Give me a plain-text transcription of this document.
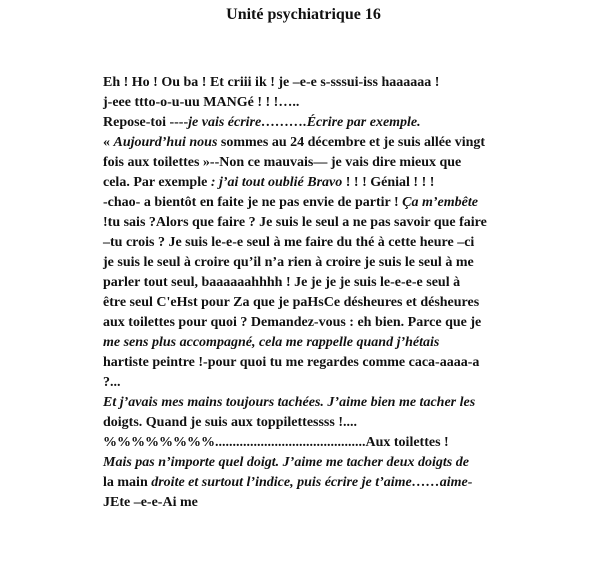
Unité psychiatrique 16
Eh ! Ho ! Ou ba ! Et criii ik ! je –e-e s-sssui-iss haaaaaa !
j-eee ttto-o-u-uu MANGé ! ! !…..
Repose-toi ----je vais écrire……….Écrire par exemple.
« Aujourd’hui nous sommes au 24 décembre et je suis allée vingt
fois aux toilettes »--Non ce mauvais— je vais dire mieux que
cela. Par exemple : j’ai tout oublié Bravo ! ! ! Génial ! ! !
-chao- a bientôt en faite je ne pas envie de partir ! Ça m’embête
!tu sais ?Alors que faire ? Je suis le seul a ne pas savoir que faire
–tu crois ? Je suis le-e-e seul à me faire du thé à cette heure –ci
je suis le seul à croire qu’il n’a rien à croire je suis le seul à me
parler tout seul, baaaaaahhhh ! Je je je je suis le-e-e-e seul à
être seul C'eHst pour Za que je paHsCe désheures et désheures
aux toilettes pour quoi ? Demandez-vous : eh bien. Parce que je
me sens plus accompagné, cela me rappelle quand j’hétais
hartiste peintre !-pour quoi tu me regardes comme caca-aaaa-a
?...
Et j’avais mes mains toujours tachées. J’aime bien me tacher les
doigts. Quand je suis aux toppilettessss !....
%%%%%%%%...........................................Aux toilettes !
Mais pas n’importe quel doigt. J’aime me tacher deux doigts de
la main droite et surtout l’indice, puis écrire je t’aime……aime-
JEte –e-e-Ai me
